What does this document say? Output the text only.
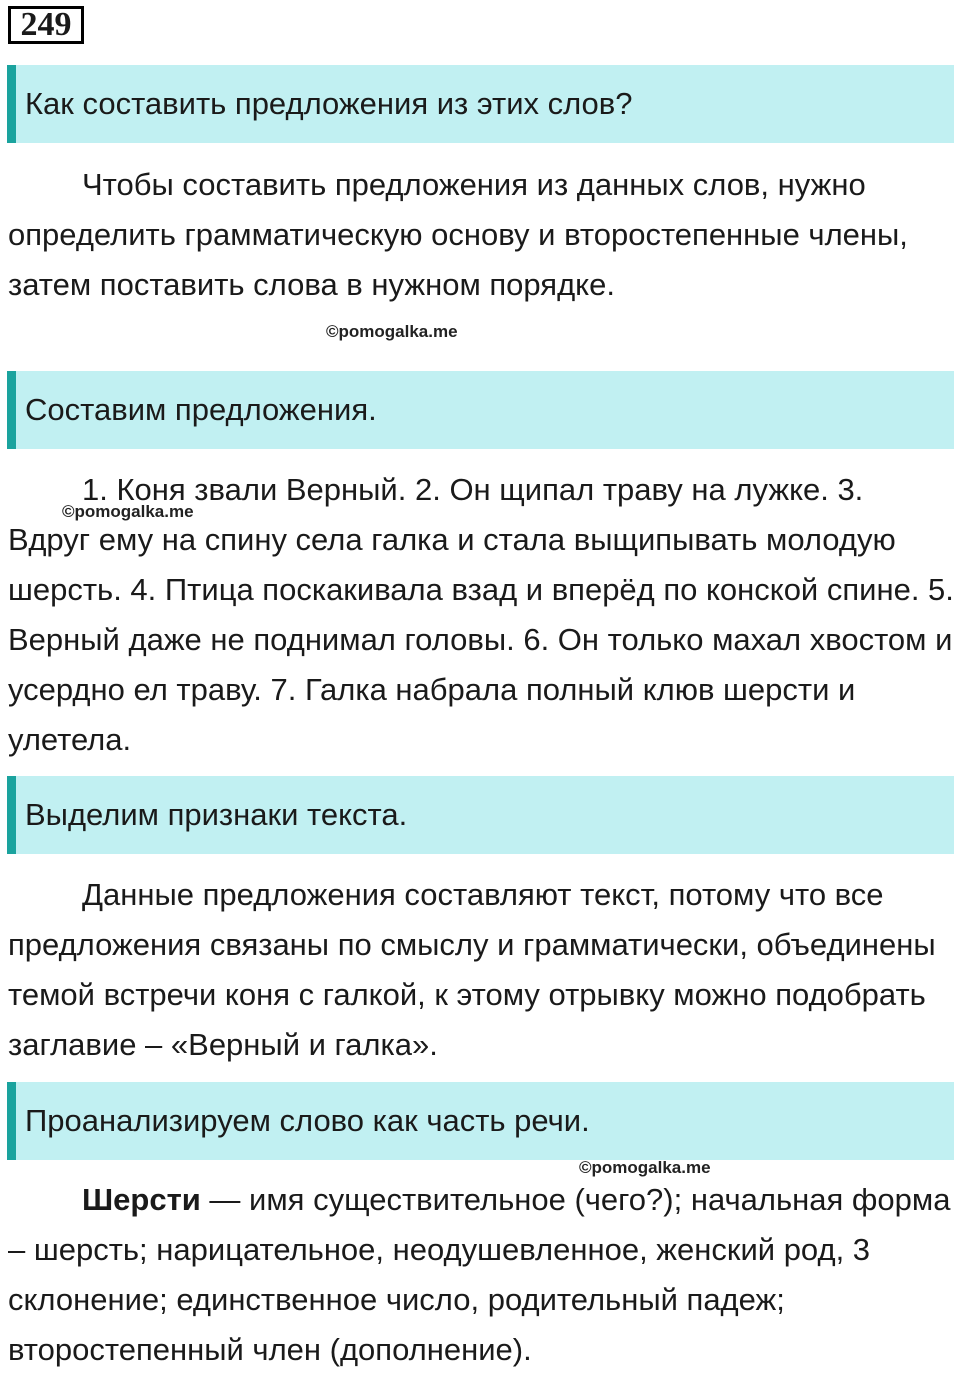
249
Как составить предложения из этих слов?

Чтобы составить предложения из данных слов, нужно определить грамматическую основу и второстепенные члены, затем поставить слова в нужном порядке.

©pomogalka.me
Составим предложения.

1. Коня звали Верный. 2. Он щипал траву на лужке. 3. Вдруг ему на спину села галка и стала выщипывать молодую шерсть. 4. Птица поскакивала взад и вперёд по конской спине. 5. Верный даже не поднимал головы. 6. Он только махал хвостом и усердно ел траву. 7. Галка набрала полный клюв шерсти и улетела.

©pomogalka.me
Выделим признаки текста.

Данные предложения составляют текст, потому что все предложения связаны по смыслу и грамматически, объединены темой встречи коня с галкой, к этому отрывку можно подобрать заглавие – «Верный и галка».

Проанализируем слово как часть речи.
©pomogalka.me

Шерсти — имя существительное (чего?); начальная форма – шерсть; нарицательное, неодушевленное, женский род, 3 склонение; единственное число, родительный падеж; второстепенный член (дополнение).
